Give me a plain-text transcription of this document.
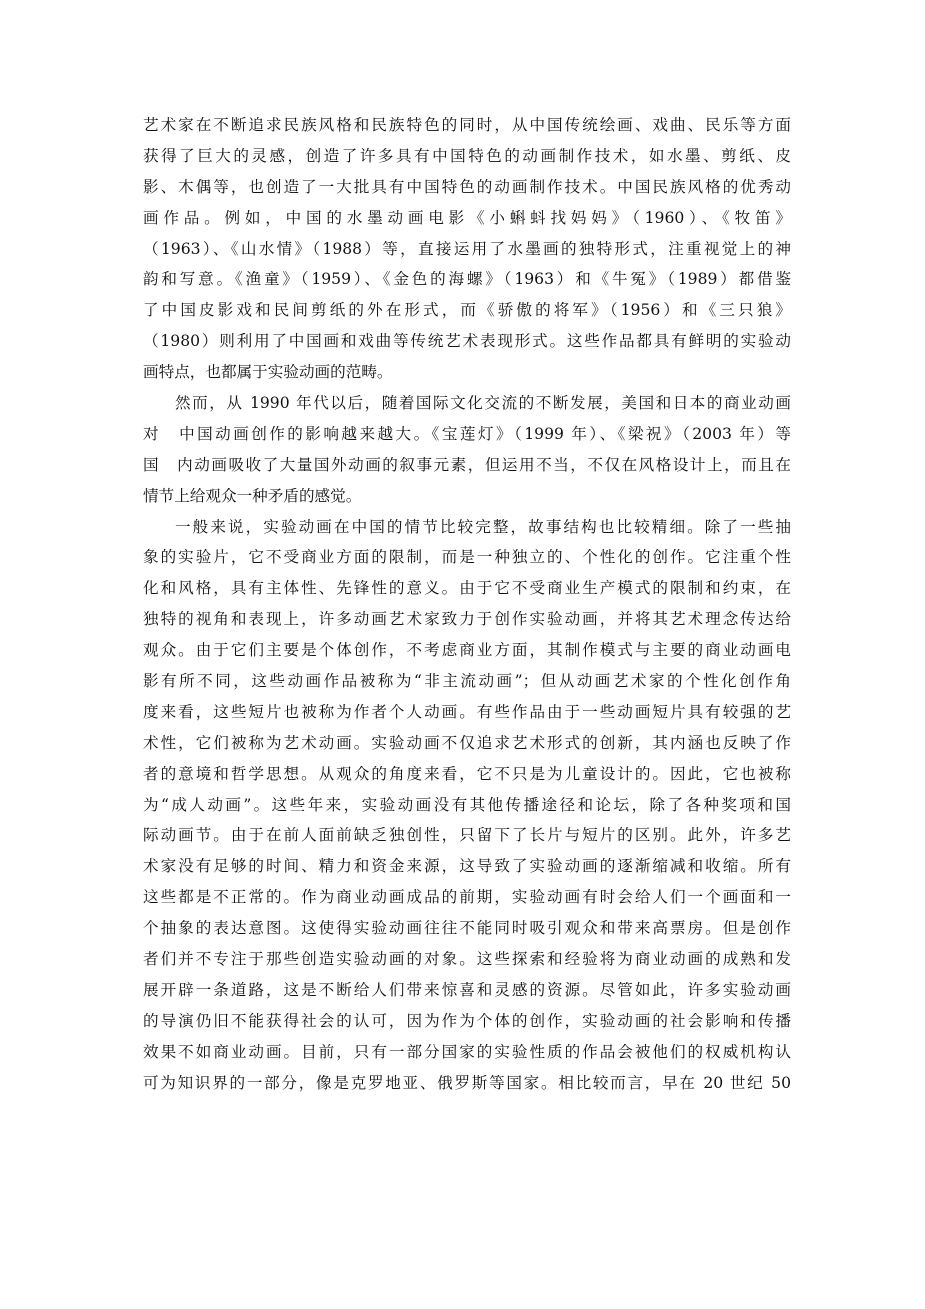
艺术家在不断追求民族风格和民族特色的同时，从中国传统绘画、戏曲、民乐等方面
获得了巨大的灵感，创造了许多具有中国特色的动画制作技术，如水墨、剪纸、皮
影、木偶等，也创造了一大批具有中国特色的动画制作技术。中国民族风格的优秀动
画作品。例如，中国的水墨动画电影《小蝌蚪找妈妈》（1960）、《牧笛》
（1963）、《山水情》（1988）等，直接运用了水墨画的独特形式，注重视觉上的神
韵和写意。《渔童》（1959）、《金色的海螺》（1963）和《牛冤》（1989）都借鉴
了中国皮影戏和民间剪纸的外在形式，而《骄傲的将军》（1956）和《三只狼》
（1980）则利用了中国画和戏曲等传统艺术表现形式。这些作品都具有鲜明的实验动
画特点，也都属于实验动画的范畴。
然而，从 1990 年代以后，随着国际文化交流的不断发展，美国和日本的商业动画
对　中国动画创作的影响越来越大。《宝莲灯》（1999 年）、《梁祝》（2003 年）等
国　内动画吸收了大量国外动画的叙事元素，但运用不当，不仅在风格设计上，而且在
情节上给观众一种矛盾的感觉。
一般来说，实验动画在中国的情节比较完整，故事结构也比较精细。除了一些抽
象的实验片，它不受商业方面的限制，而是一种独立的、个性化的创作。它注重个性
化和风格，具有主体性、先锋性的意义。由于它不受商业生产模式的限制和约束，在
独特的视角和表现上，许多动画艺术家致力于创作实验动画，并将其艺术理念传达给
观众。由于它们主要是个体创作，不考虑商业方面，其制作模式与主要的商业动画电
影有所不同，这些动画作品被称为“非主流动画”；但从动画艺术家的个性化创作角
度来看，这些短片也被称为作者个人动画。有些作品由于一些动画短片具有较强的艺
术性，它们被称为艺术动画。实验动画不仅追求艺术形式的创新，其内涵也反映了作
者的意境和哲学思想。从观众的角度来看，它不只是为儿童设计的。因此，它也被称
为“成人动画”。这些年来，实验动画没有其他传播途径和论坛，除了各种奖项和国
际动画节。由于在前人面前缺乏独创性，只留下了长片与短片的区别。此外，许多艺
术家没有足够的时间、精力和资金来源，这导致了实验动画的逐渐缩减和收缩。所有
这些都是不正常的。作为商业动画成品的前期，实验动画有时会给人们一个画面和一
个抽象的表达意图。这使得实验动画往往不能同时吸引观众和带来高票房。但是创作
者们并不专注于那些创造实验动画的对象。这些探索和经验将为商业动画的成熟和发
展开辟一条道路，这是不断给人们带来惊喜和灵感的资源。尽管如此，许多实验动画
的导演仍旧不能获得社会的认可，因为作为个体的创作，实验动画的社会影响和传播
效果不如商业动画。目前，只有一部分国家的实验性质的作品会被他们的权威机构认
可为知识界的一部分，像是克罗地亚、俄罗斯等国家。相比较而言，早在 20 世纪 50
